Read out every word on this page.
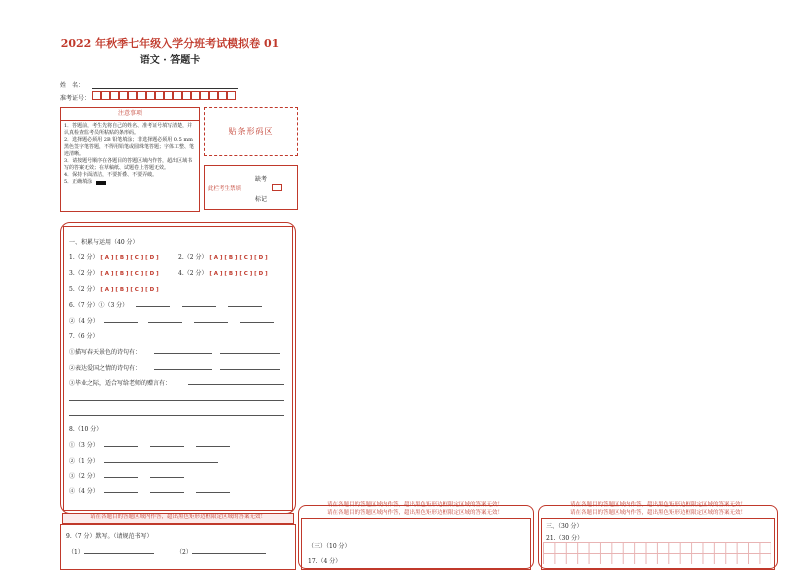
2022 年秋季七年级入学分班考试模拟卷 01
语文 · 答题卡
姓　名：
准考证号：
注意事项
1．答题前，考生先将自己的姓名、准考证号填写清楚，并认真检查监考员所粘贴的条形码。
2．选择题必须用 2B 铅笔填涂；非选择题必须用 0.5 mm 黑色签字笔答题，不得用铅笔或圆珠笔答题；字体工整、笔迹清晰。
3．请按题号顺序在各题目的答题区域内作答，超出区域书写的答案无效；在草稿纸、试题卷上答题无效。
4．保持卡面清洁，不要折叠、不要弄破。
5．正确填涂
贴条形码区
缺考
此栏考生禁填
标记
一、积累与运用（40 分）
1.（2 分） [ A ] [ B ] [ C ] [ D ]	2.（2 分） [ A ] [ B ] [ C ] [ D ]
3.（2 分） [ A ] [ B ] [ C ] [ D ]	4.（2 分） [ A ] [ B ] [ C ] [ D ]
5.（2 分） [ A ] [ B ] [ C ] [ D ]
6.（7 分）①（3 分）
②（4 分）
7.（6 分）
①描写春天景色的诗句有：
②表达爱国之情的诗句有：
③毕业之际，适合写给老师的赠言有：
8.（10 分）
①（3 分）
②（1 分）
③（2 分）
④（4 分）
请在各题目的答题区域内作答，超出黑色矩形边框限定区域的答案无效！
9.（7 分）默写。（请规范书写）
（1）	（2）
请在各题目的答题区域内作答，超出黑色矩形边框限定区域的答案无效！
请在各题目的答题区域内作答，超出黑色矩形边框限定区域的答案无效！
（三）（10 分）
17.（4 分）
请在各题目的答题区域内作答，超出黑色矩形边框限定区域的答案无效！
请在各题目的答题区域内作答，超出黑色矩形边框限定区域的答案无效！
三、（30 分）
21.（30 分）
